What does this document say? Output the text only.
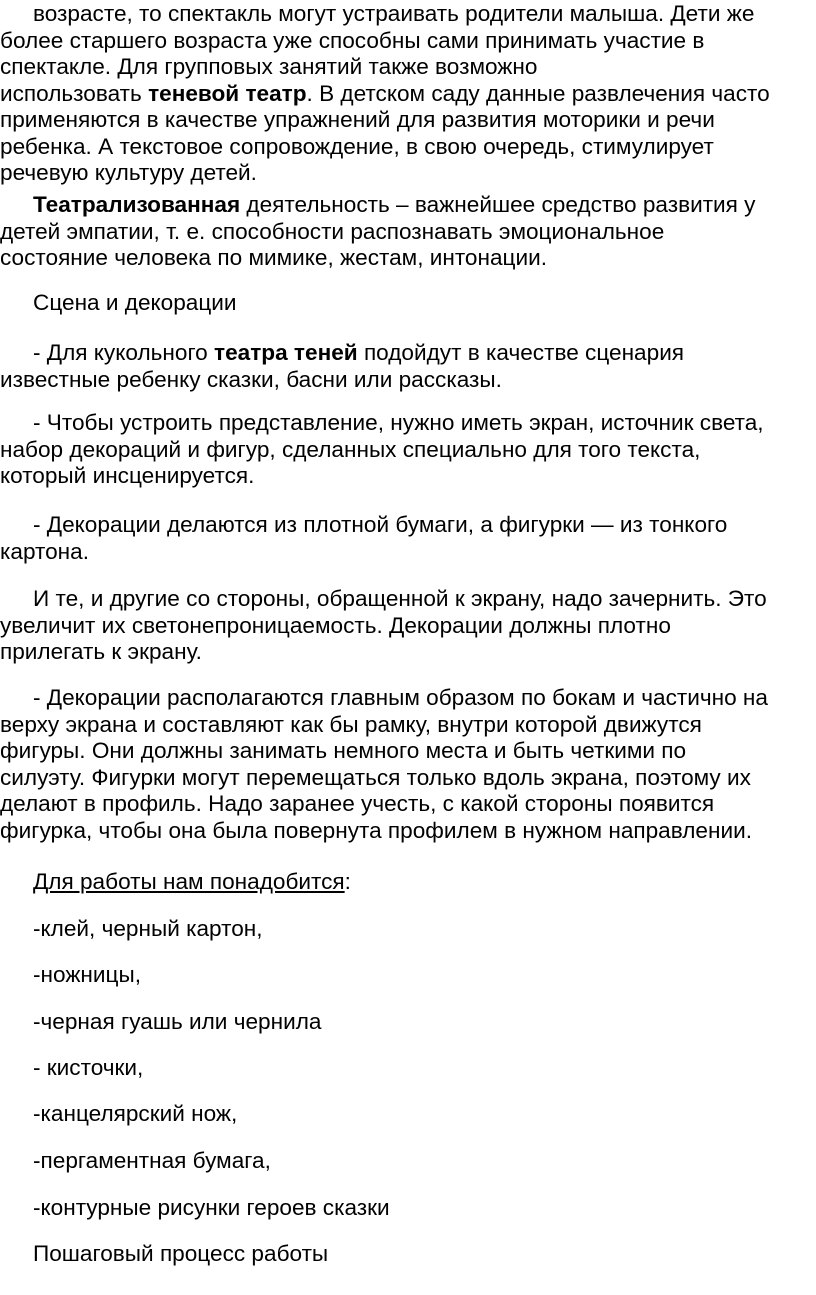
возрасте, то спектакль могут устраивать родители малыша. Дети же
более старшего возраста уже способны сами принимать участие в
спектакле. Для групповых занятий также возможно
использовать теневой театр. В детском саду данные развлечения часто
применяются в качестве упражнений для развития моторики и речи
ребенка. А текстовое сопровождение, в свою очередь, стимулирует
речевую культуру детей.
Театрализованная деятельность – важнейшее средство развития у
детей эмпатии, т. е. способности распознавать эмоциональное
состояние человека по мимике, жестам, интонации.
Сцена и декорации
- Для кукольного театра теней подойдут в качестве сценария
известные ребенку сказки, басни или рассказы.
- Чтобы устроить представление, нужно иметь экран, источник света,
набор декораций и фигур, сделанных специально для того текста,
который инсценируется.
- Декорации делаются из плотной бумаги, а фигурки — из тонкого
картона.
И те, и другие со стороны, обращенной к экрану, надо зачернить. Это
увеличит их светонепроницаемость. Декорации должны плотно
прилегать к экрану.
- Декорации располагаются главным образом по бокам и частично на
верху экрана и составляют как бы рамку, внутри которой движутся
фигуры. Они должны занимать немного места и быть четкими по
силуэту. Фигурки могут перемещаться только вдоль экрана, поэтому их
делают в профиль. Надо заранее учесть, с какой стороны появится
фигурка, чтобы она была повернута профилем в нужном направлении.
Для работы нам понадобится:
-клей, черный картон,
-ножницы,
-черная гуашь или чернила
- кисточки,
-канцелярский нож,
-пергаментная бумага,
-контурные рисунки героев сказки
Пошаговый процесс работы
